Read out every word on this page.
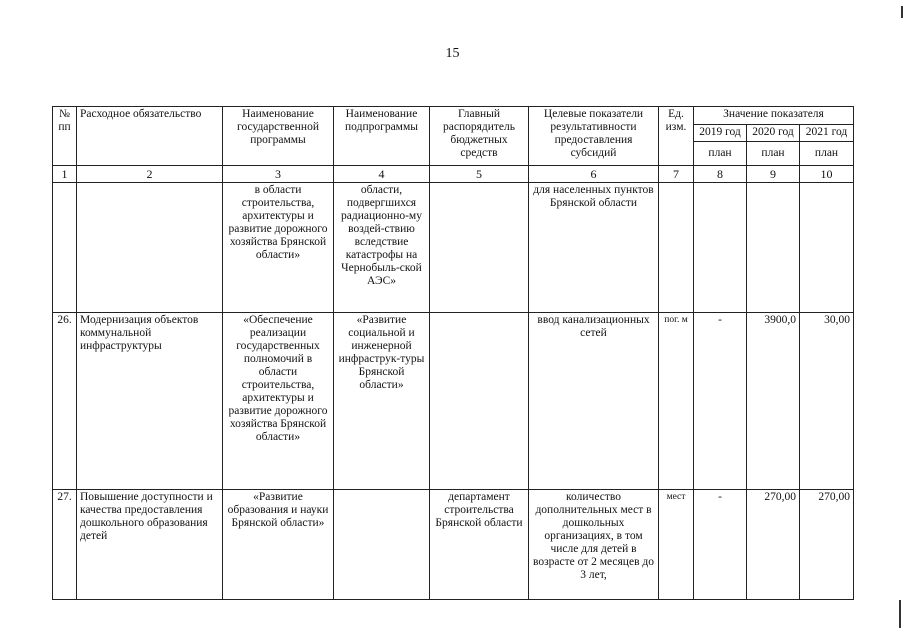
15
№ пп	Расходное обязательство	Наименование государственной программы	Наименование подпрограммы	Главный распорядитель бюджетных средств	Целевые показатели результативности предоставления субсидий	Ед. изм.	Значение показателя		
							2019 год	2020 год	2021 год
							план	план	план
1	2	3	4	5	6	7	8	9	10
		в области строительства, архитектуры и развитие дорожного хозяйства Брянской области»	области, подвергшихся радиационно-му воздей-ствию вследствие катастрофы на Чернобыль-ской АЭС»		для населенных пунктов Брянской области				
26.	Модернизация объектов коммунальной инфраструктуры	«Обеспечение реализации государственных полномочий в области строительства, архитектуры и развитие дорожного хозяйства Брянской области»	«Развитие социальной и инженерной инфраструк-туры Брянской области»		ввод канализационных сетей	пог. м	-	3900,0	30,00
27.	Повышение доступности и качества предоставления дошкольного образования детей	«Развитие образования и науки Брянской области»		департамент строительства Брянской области	количество дополнительных мест в дошкольных организациях, в том числе для детей в возрасте от 2 месяцев до 3 лет,	мест	-	270,00	270,00
